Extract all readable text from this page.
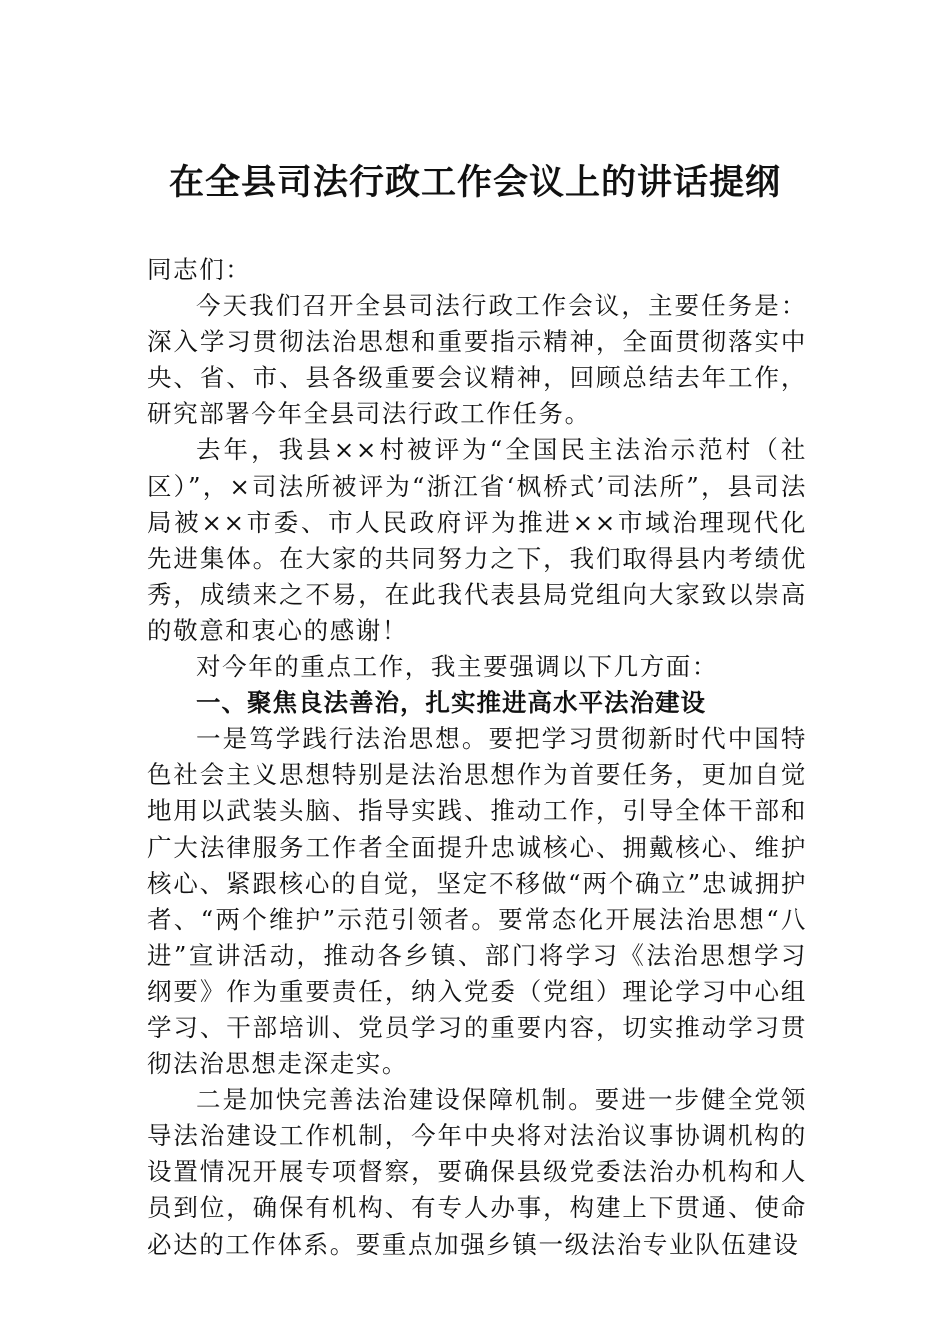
在全县司法行政工作会议上的讲话提纲

同志们：

今天我们召开全县司法行政工作会议，主要任务是：深入学习贯彻法治思想和重要指示精神，全面贯彻落实中央、省、市、县各级重要会议精神，回顾总结去年工作，研究部署今年全县司法行政工作任务。

去年，我县××村被评为“全国民主法治示范村（社区）”，×司法所被评为“浙江省‘枫桥式’司法所”，县司法局被××市委、市人民政府评为推进××市域治理现代化先进集体。在大家的共同努力之下，我们取得县内考绩优秀，成绩来之不易，在此我代表县局党组向大家致以崇高的敬意和衷心的感谢！

对今年的重点工作，我主要强调以下几方面：

一、聚焦良法善治，扎实推进高水平法治建设

一是笃学践行法治思想。要把学习贯彻新时代中国特色社会主义思想特别是法治思想作为首要任务，更加自觉地用以武装头脑、指导实践、推动工作，引导全体干部和广大法律服务工作者全面提升忠诚核心、拥戴核心、维护核心、紧跟核心的自觉，坚定不移做“两个确立”忠诚拥护者、“两个维护”示范引领者。要常态化开展法治思想“八进”宣讲活动，推动各乡镇、部门将学习《法治思想学习纲要》作为重要责任，纳入党委（党组）理论学习中心组学习、干部培训、党员学习的重要内容，切实推动学习贯彻法治思想走深走实。

二是加快完善法治建设保障机制。要进一步健全党领导法治建设工作机制，今年中央将对法治议事协调机构的设置情况开展专项督察，要确保县级党委法治办机构和人员到位，确保有机构、有专人办事，构建上下贯通、使命必达的工作体系。要重点加强乡镇一级法治专业队伍建设
